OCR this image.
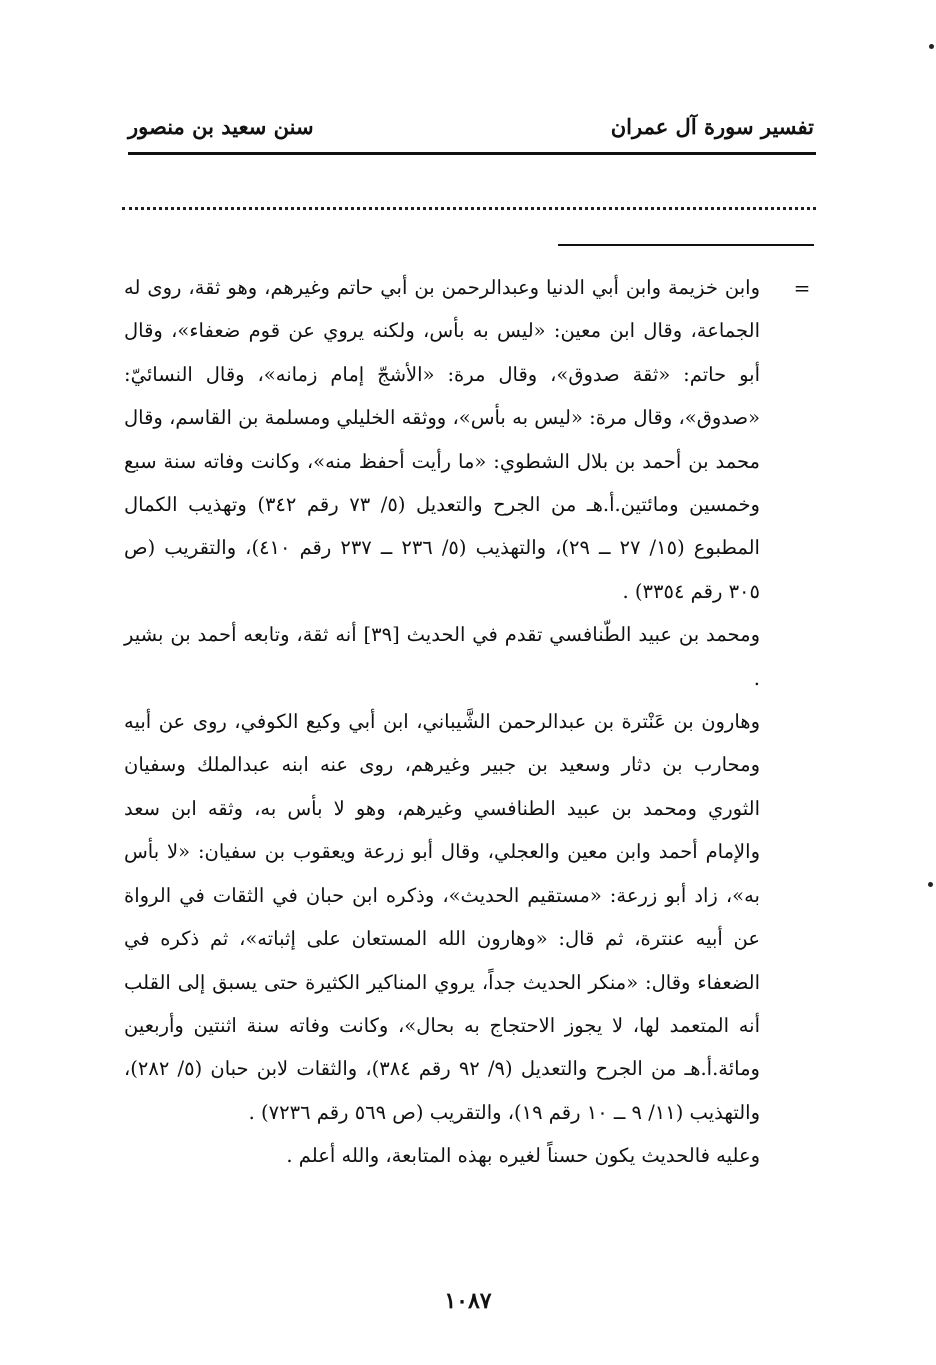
تفسير سورة آل عمران
سنن سعيد بن منصور
=

وابن خزيمة وابن أبي الدنيا وعبدالرحمن بن أبي حاتم وغيرهم، وهو ثقة، روى له الجماعة، وقال ابن معين: «ليس به بأس، ولكنه يروي عن قوم ضعفاء»، وقال أبو حاتم: «ثقة صدوق»، وقال مرة: «الأشجّ إمام زمانه»، وقال النسائيّ: «صدوق»، وقال مرة: «ليس به بأس»، ووثقه الخليلي ومسلمة بن القاسم، وقال محمد بن أحمد بن بلال الشطوي: «ما رأيت أحفظ منه»، وكانت وفاته سنة سبع وخمسين ومائتين.أ.هـ من الجرح والتعديل (٥/ ٧٣ رقم ٣٤٢) وتهذيب الكمال المطبوع (١٥/ ٢٧ ــ ٢٩)، والتهذيب (٥/ ٢٣٦ ــ ٢٣٧ رقم ٤١٠)، والتقريب (ص ٣٠٥ رقم ٣٣٥٤) .

ومحمد بن عبيد الطّنافسي تقدم في الحديث [٣٩] أنه ثقة، وتابعه أحمد بن بشير .

وهارون بن عَنْترة بن عبدالرحمن الشَّيباني، ابن أبي وكيع الكوفي، روى عن أبيه ومحارب بن دثار وسعيد بن جبير وغيرهم، روى عنه ابنه عبدالملك وسفيان الثوري ومحمد بن عبيد الطنافسي وغيرهم، وهو لا بأس به، وثقه ابن سعد والإمام أحمد وابن معين والعجلي، وقال أبو زرعة ويعقوب بن سفيان: «لا بأس به»، زاد أبو زرعة: «مستقيم الحديث»، وذكره ابن حبان في الثقات في الرواة عن أبيه عنترة، ثم قال: «وهارون الله المستعان على إثباته»، ثم ذكره في الضعفاء وقال: «منكر الحديث جداً، يروي المناكير الكثيرة حتى يسبق إلى القلب أنه المتعمد لها، لا يجوز الاحتجاج به بحال»، وكانت وفاته سنة اثنتين وأربعين ومائة.أ.هـ من الجرح والتعديل (٩/ ٩٢ رقم ٣٨٤)، والثقات لابن حبان (٥/ ٢٨٢)، والتهذيب (١١/ ٩ ــ ١٠ رقم ١٩)، والتقريب (ص ٥٦٩ رقم ٧٢٣٦) .

وعليه فالحديث يكون حسناً لغيره بهذه المتابعة، والله أعلم .

١٠٨٧
